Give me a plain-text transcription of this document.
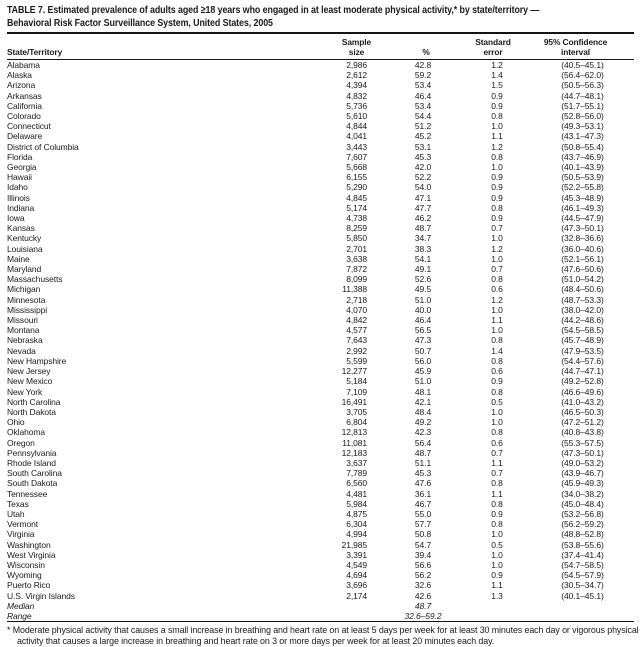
TABLE 7. Estimated prevalence of adults aged ≥18 years who engaged in at least moderate physical activity,* by state/territory —
Behavioral Risk Factor Surveillance System, United States, 2005
State/Territory	
Sample
size	%

Standard
error

95% Confidence
interval

Alabama	2,986	42.8	1.2	(40.5–45.1)
Alaska	2,612	59.2	1.4	(56.4–62.0)
Arizona	4,394	53.4	1.5	(50.5–56.3)
Arkansas	4,832	46.4	0.9	(44.7–48.1)
California	5,736	53.4	0.9	(51.7–55.1)
Colorado	5,610	54.4	0.8	(52.8–56.0)
Connecticut	4,844	51.2	1.0	(49.3–53.1)
Delaware	4,041	45.2	1.1	(43.1–47.3)
District of Columbia	3,443	53.1	1.2	(50.8–55.4)
Florida	7,607	45.3	0.8	(43.7–46.9)
Georgia	5,668	42.0	1.0	(40.1–43.9)
Hawaii	6,155	52.2	0.9	(50.5–53.9)
Idaho	5,290	54.0	0.9	(52.2–55.8)
Illinois	4,845	47.1	0.9	(45.3–48.9)
Indiana	5,174	47.7	0.8	(46.1–49.3)
Iowa	4,738	46.2	0.9	(44.5–47.9)
Kansas	8,259	48.7	0.7	(47.3–50.1)
Kentucky	5,850	34.7	1.0	(32.8–36.6)
Louisiana	2,701	38.3	1.2	(36.0–40.6)
Maine	3,638	54.1	1.0	(52.1–56.1)
Maryland	7,872	49.1	0.7	(47.6–50.6)
Massachusetts	8,099	52.6	0.8	(51.0–54.2)
Michigan	11,388	49.5	0.6	(48.4–50.6)
Minnesota	2,718	51.0	1.2	(48.7–53.3)
Mississippi	4,070	40.0	1.0	(38.0–42.0)
Missouri	4,842	46.4	1.1	(44.2–48.6)
Montana	4,577	56.5	1.0	(54.5–58.5)
Nebraska	7,643	47.3	0.8	(45.7–48.9)
Nevada	2,992	50.7	1.4	(47.9–53.5)
New Hampshire	5,599	56.0	0.8	(54.4–57.6)
New Jersey	12,277	45.9	0.6	(44.7–47.1)
New Mexico	5,184	51.0	0.9	(49.2–52.8)
New York	7,109	48.1	0.8	(46.6–49.6)
North Carolina	16,491	42.1	0.5	(41.0–43.2)
North Dakota	3,705	48.4	1.0	(46.5–50.3)
Ohio	6,804	49.2	1.0	(47.2–51.2)
Oklahoma	12,813	42.3	0.8	(40.8–43.8)
Oregon	11,081	56.4	0.6	(55.3–57.5)
Pennsylvania	12,183	48.7	0.7	(47.3–50.1)
Rhode Island	3,637	51.1	1.1	(49.0–53.2)
South Carolina	7,789	45.3	0.7	(43.9–46.7)
South Dakota	6,560	47.6	0.8	(45.9–49.3)
Tennessee	4,481	36.1	1.1	(34.0–38.2)
Texas	5,984	46.7	0.8	(45.0–48.4)
Utah	4,875	55.0	0.9	(53.2–56.8)
Vermont	6,304	57.7	0.8	(56.2–59.2)
Virginia	4,994	50.8	1.0	(48.8–52.8)
Washington	21,985	54.7	0.5	(53.8–55.6)
West Virginia	3,391	39.4	1.0	(37.4–41.4)
Wisconsin	4,549	56.6	1.0	(54.7–58.5)
Wyoming	4,694	56.2	0.9	(54.5–57.9)
Puerto Rico	3,696	32.6	1.1	(30.5–34.7)
U.S. Virgin Islands	2,174	42.6	1.3	(40.1–45.1)
Median		48.7		
Range		32.6–59.2		
* Moderate physical activity that causes a small increase in breathing and heart rate on at least 5 days per week for at least 30 minutes each day or vigorous physical activity that causes a large increase in breathing and heart rate on 3 or more days per week for at least 20 minutes each day.
